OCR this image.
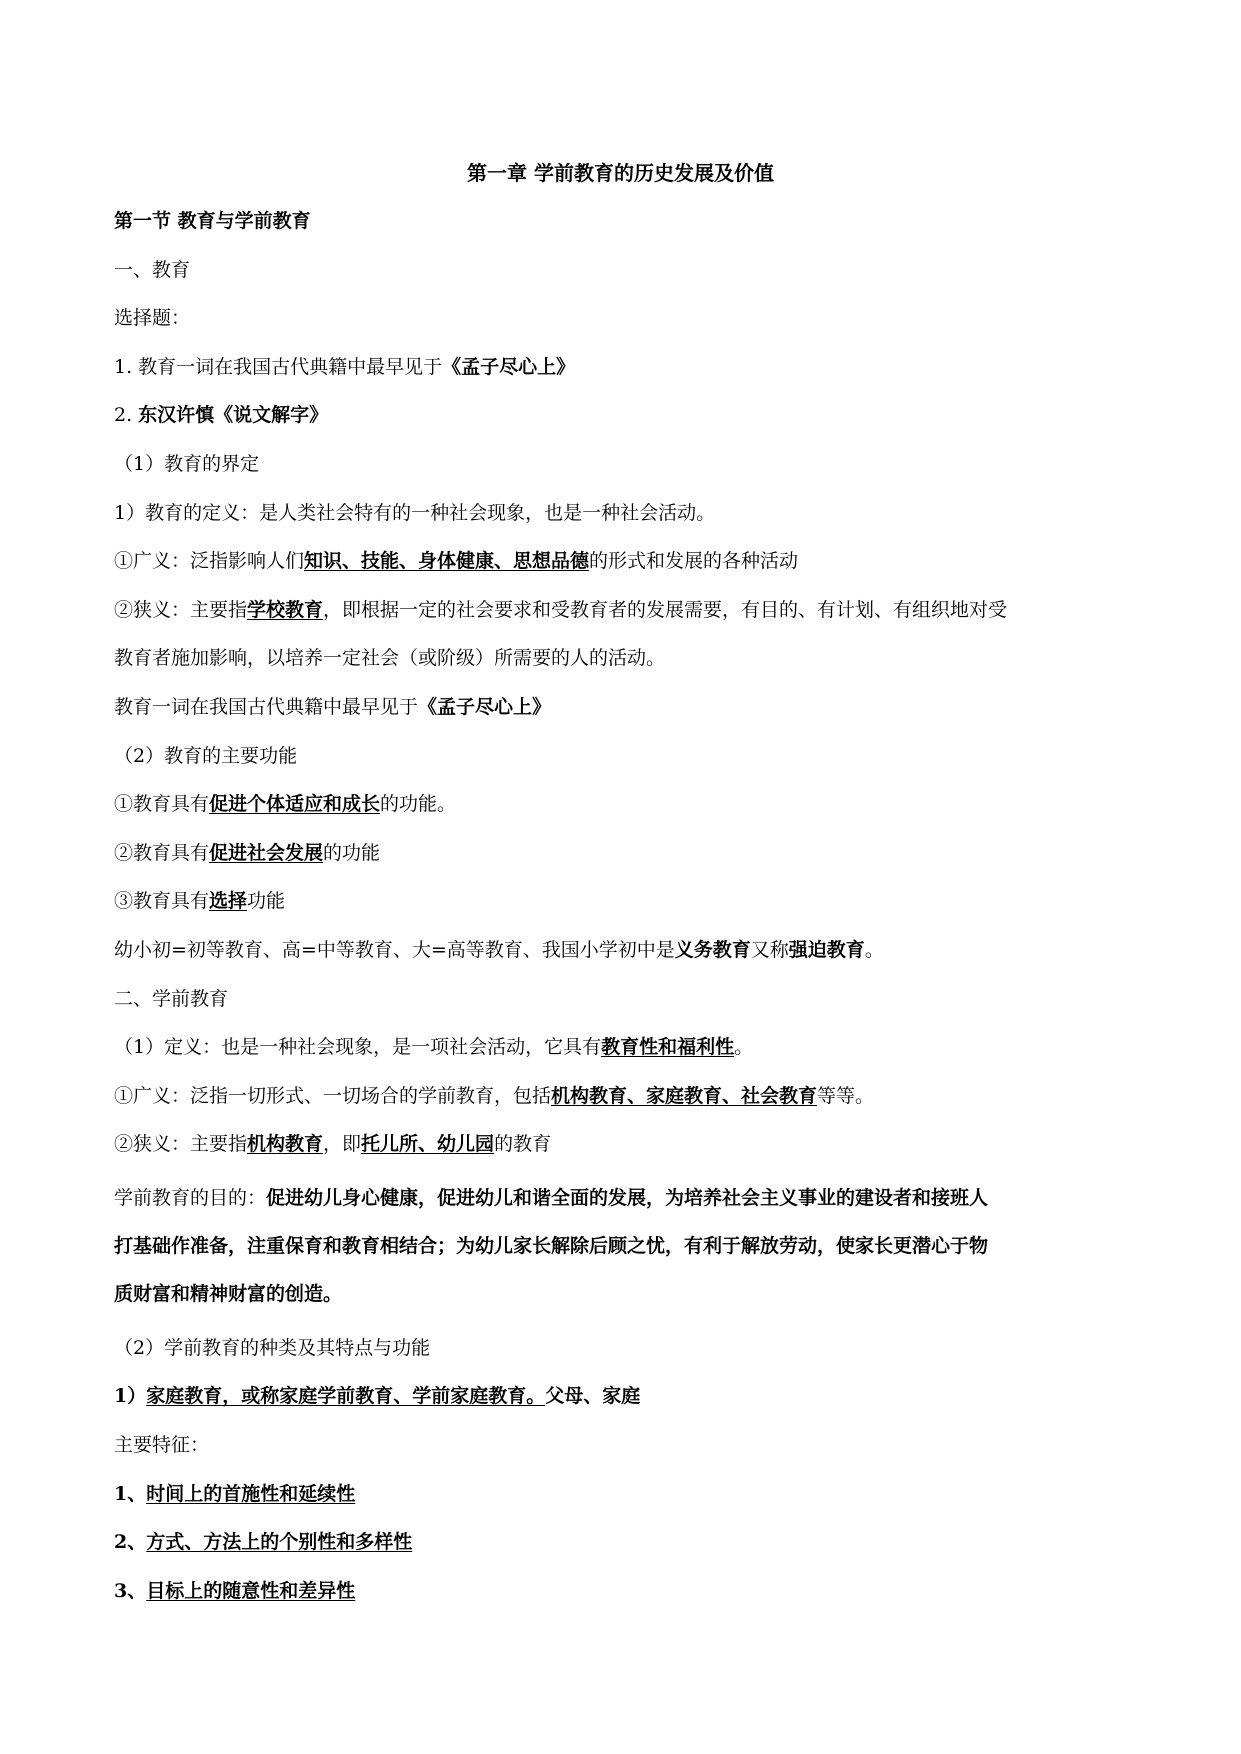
第一章 学前教育的历史发展及价值

第一节 教育与学前教育

一、教育

选择题：

1. 教育一词在我国古代典籍中最早见于《孟子尽心上》

2. 东汉许慎《说文解字》

（1）教育的界定

1）教育的定义：是人类社会特有的一种社会现象，也是一种社会活动。

①广义：泛指影响人们知识、技能、身体健康、思想品德的形式和发展的各种活动

②狭义：主要指学校教育，即根据一定的社会要求和受教育者的发展需要，有目的、有计划、有组织地对受

教育者施加影响，以培养一定社会（或阶级）所需要的人的活动。

教育一词在我国古代典籍中最早见于《孟子尽心上》

（2）教育的主要功能

①教育具有促进个体适应和成长的功能。

②教育具有促进社会发展的功能

③教育具有选择功能

幼小初=初等教育、高=中等教育、大=高等教育、我国小学初中是义务教育又称强迫教育。

二、学前教育

（1）定义：也是一种社会现象，是一项社会活动，它具有教育性和福利性。

①广义：泛指一切形式、一切场合的学前教育，包括机构教育、家庭教育、社会教育等等。

②狭义：主要指机构教育，即托儿所、幼儿园的教育

学前教育的目的：促进幼儿身心健康，促进幼儿和谐全面的发展，为培养社会主义事业的建设者和接班人

打基础作准备，注重保育和教育相结合；为幼儿家长解除后顾之忧，有利于解放劳动，使家长更潜心于物

质财富和精神财富的创造。

（2）学前教育的种类及其特点与功能

1）家庭教育，或称家庭学前教育、学前家庭教育。父母、家庭

主要特征：

1、时间上的首施性和延续性

2、方式、方法上的个别性和多样性

3、目标上的随意性和差异性
